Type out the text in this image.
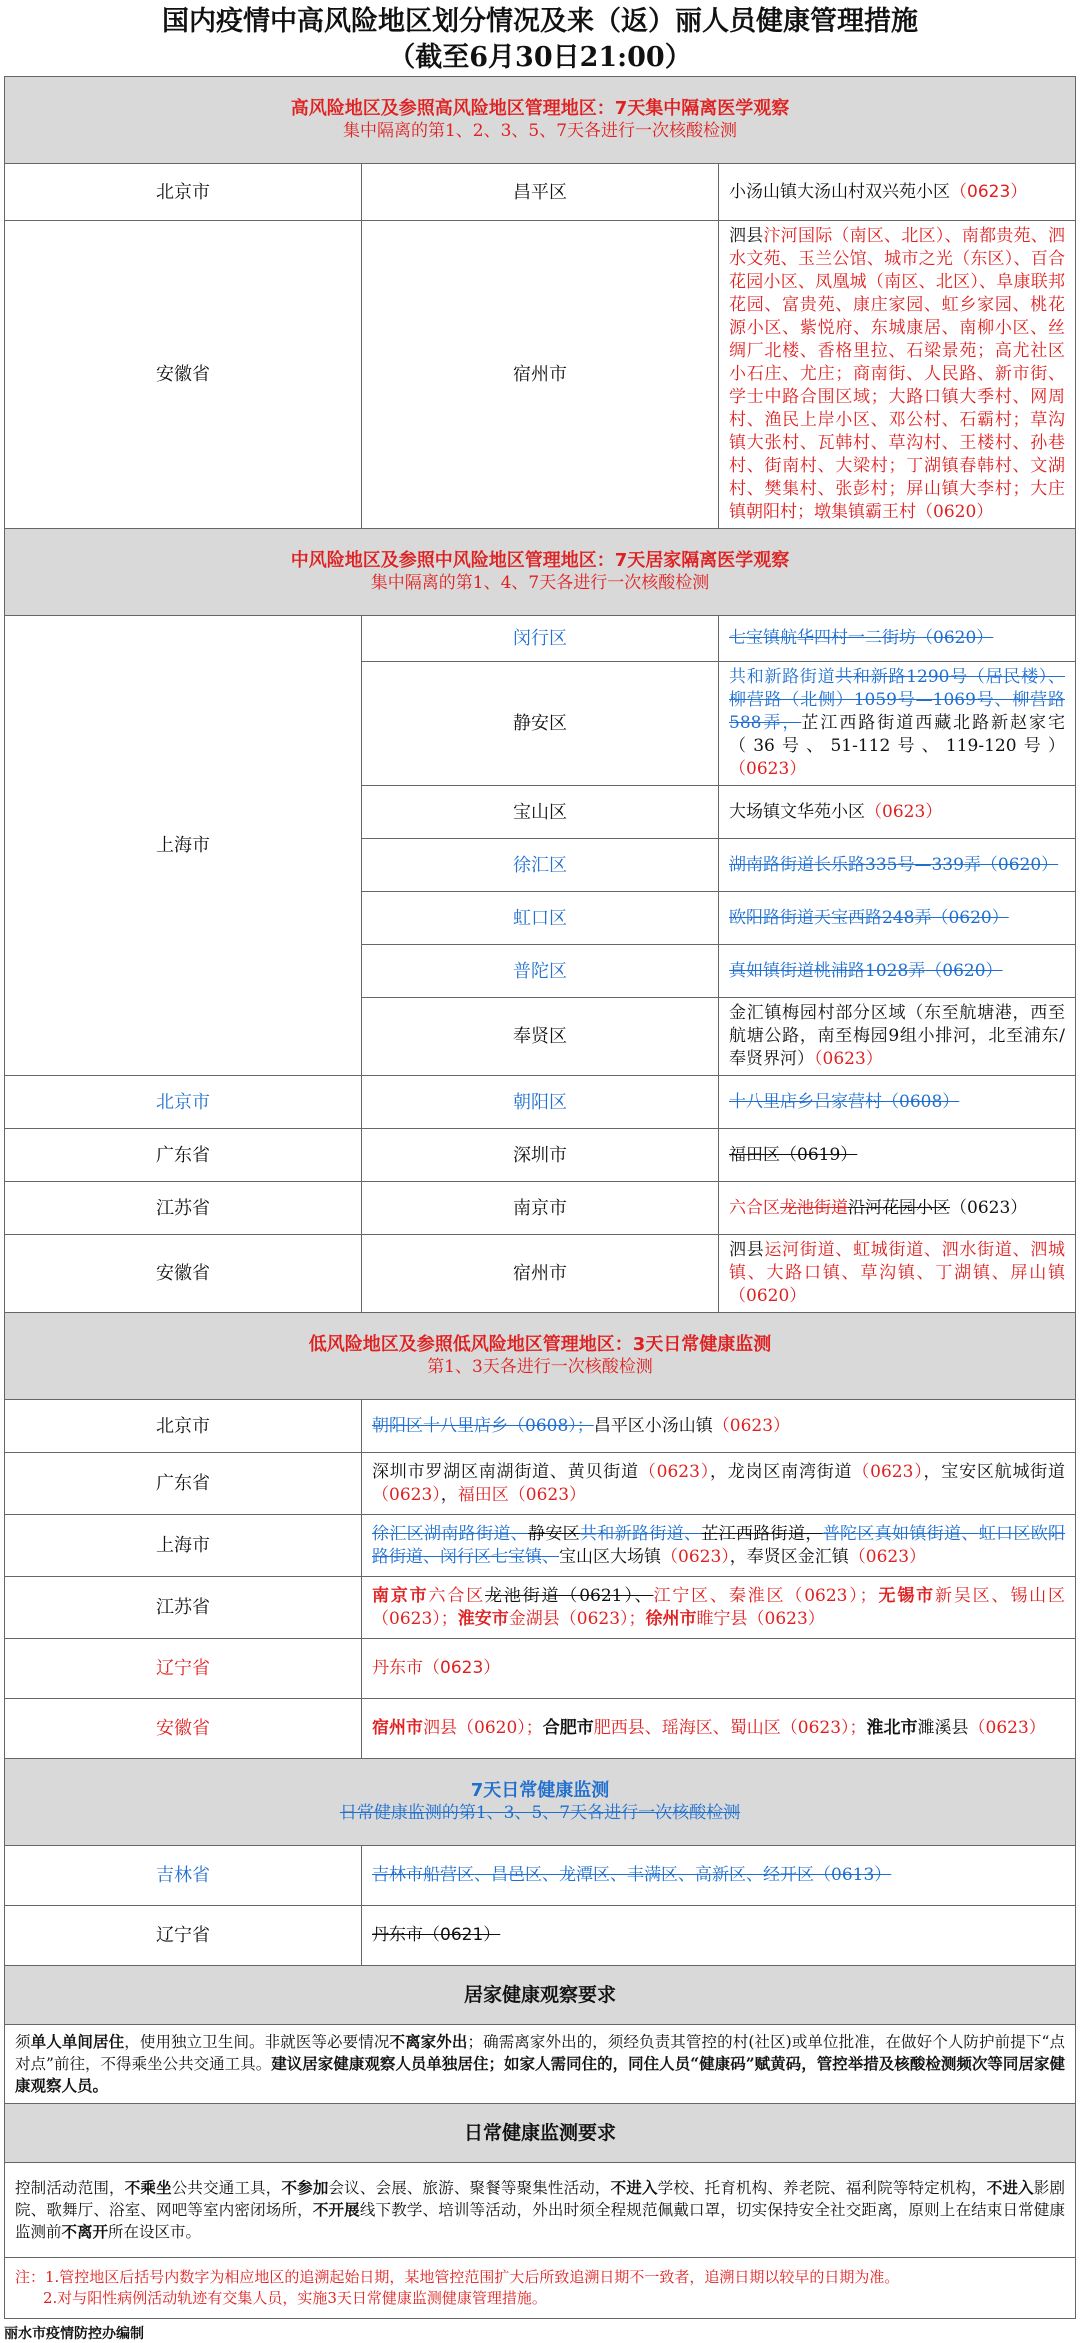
国内疫情中高风险地区划分情况及来（返）丽人员健康管理措施
（截至6月30日21:00）
高风险地区及参照高风险地区管理地区：7天集中隔离医学观察
集中隔离的第1、2、3、5、7天各进行一次核酸检测		

北京市	昌平区	小汤山镇大汤山村双兴苑小区（0623）
安徽省	宿州市	泗县汴河国际（南区、北区）、南都贵苑、泗水文苑、玉兰公馆、城市之光（东区）、百合花园小区、凤凰城（南区、北区）、阜康联邦花园、富贵苑、康庄家园、虹乡家园、桃花源小区、紫悦府、东城康居、南柳小区、丝绸厂北楼、香格里拉、石梁景苑；高尤社区小石庄、尤庄；商南街、人民路、新市街、学士中路合围区域；大路口镇大季村、网周村、渔民上岸小区、邓公村、石霸村；草沟镇大张村、瓦韩村、草沟村、王楼村、孙巷村、街南村、大梁村；丁湖镇春韩村、文湖村、樊集村、张彭村；屏山镇大李村；大庄镇朝阳村；墩集镇霸王村（0620）

中风险地区及参照中风险地区管理地区：7天居家隔离医学观察
集中隔离的第1、4、7天各进行一次核酸检测		

上海市	闵行区	七宝镇航华四村一二街坊（0620）
	静安区	共和新路街道共和新路1290号（居民楼）、柳营路（北侧）1059号—1069号、柳营路588弄，芷江西路街道西藏北路新赵家宅（36号、51-112号、119-120号）（0623）
	宝山区	大场镇文华苑小区（0623）
	徐汇区	湖南路街道长乐路335号—339弄（0620）
	虹口区	欧阳路街道天宝西路248弄（0620）
	普陀区	真如镇街道桃浦路1028弄（0620）
	奉贤区	金汇镇梅园村部分区域（东至航塘港，西至航塘公路，南至梅园9组小排河，北至浦东/奉贤界河）（0623）
北京市	朝阳区	十八里店乡吕家营村（0608）
广东省	深圳市	福田区（0619）
江苏省	南京市	六合区龙池街道沿河花园小区（0623）
安徽省	宿州市	泗县运河街道、虹城街道、泗水街道、泗城镇、大路口镇、草沟镇、丁湖镇、屏山镇（0620）

低风险地区及参照低风险地区管理地区：3天日常健康监测
第1、3天各进行一次核酸检测		

北京市	朝阳区十八里店乡（0608）；昌平区小汤山镇（0623）	
广东省	深圳市罗湖区南湖街道、黄贝街道（0623），龙岗区南湾街道（0623），宝安区航城街道（0623），福田区（0623）	
上海市	徐汇区湖南路街道、静安区共和新路街道、芷江西路街道，普陀区真如镇街道、虹口区欧阳路街道、闵行区七宝镇、宝山区大场镇（0623），奉贤区金汇镇（0623）	
江苏省	南京市六合区龙池街道（0621）、江宁区、秦淮区（0623）；无锡市新吴区、锡山区（0623）；淮安市金湖县（0623）；徐州市睢宁县（0623）	
辽宁省	丹东市（0623）	
安徽省	宿州市泗县（0620）；合肥市肥西县、瑶海区、蜀山区（0623）；淮北市濉溪县（0623）	

7天日常健康监测
日常健康监测的第1、3、5、7天各进行一次核酸检测		

吉林省	吉林市船营区、昌邑区、龙潭区、丰满区、高新区、经开区（0613）	
辽宁省	丹东市（0621）	
居家健康观察要求		
须单人单间居住，使用独立卫生间。非就医等必要情况不离家外出；确需离家外出的，须经负责其管控的村(社区)或单位批准，在做好个人防护前提下“点对点”前往，不得乘坐公共交通工具。建议居家健康观察人员单独居住；如家人需同住的，同住人员“健康码”赋黄码，管控举措及核酸检测频次等同居家健康观察人员。		
日常健康监测要求		
控制活动范围，不乘坐公共交通工具，不参加会议、会展、旅游、聚餐等聚集性活动，不进入学校、托育机构、养老院、福利院等特定机构，不进入影剧院、歌舞厅、浴室、网吧等室内密闭场所，不开展线下教学、培训等活动，外出时须全程规范佩戴口罩，切实保持安全社交距离，原则上在结束日常健康监测前不离开所在设区市。		

注：1.管控地区后括号内数字为相应地区的追溯起始日期，某地管控范围扩大后所致追溯日期不一致者，追溯日期以较早的日期为准。
2.对与阳性病例活动轨迹有交集人员，实施3天日常健康监测健康管理措施。		
丽水市疫情防控办编制
